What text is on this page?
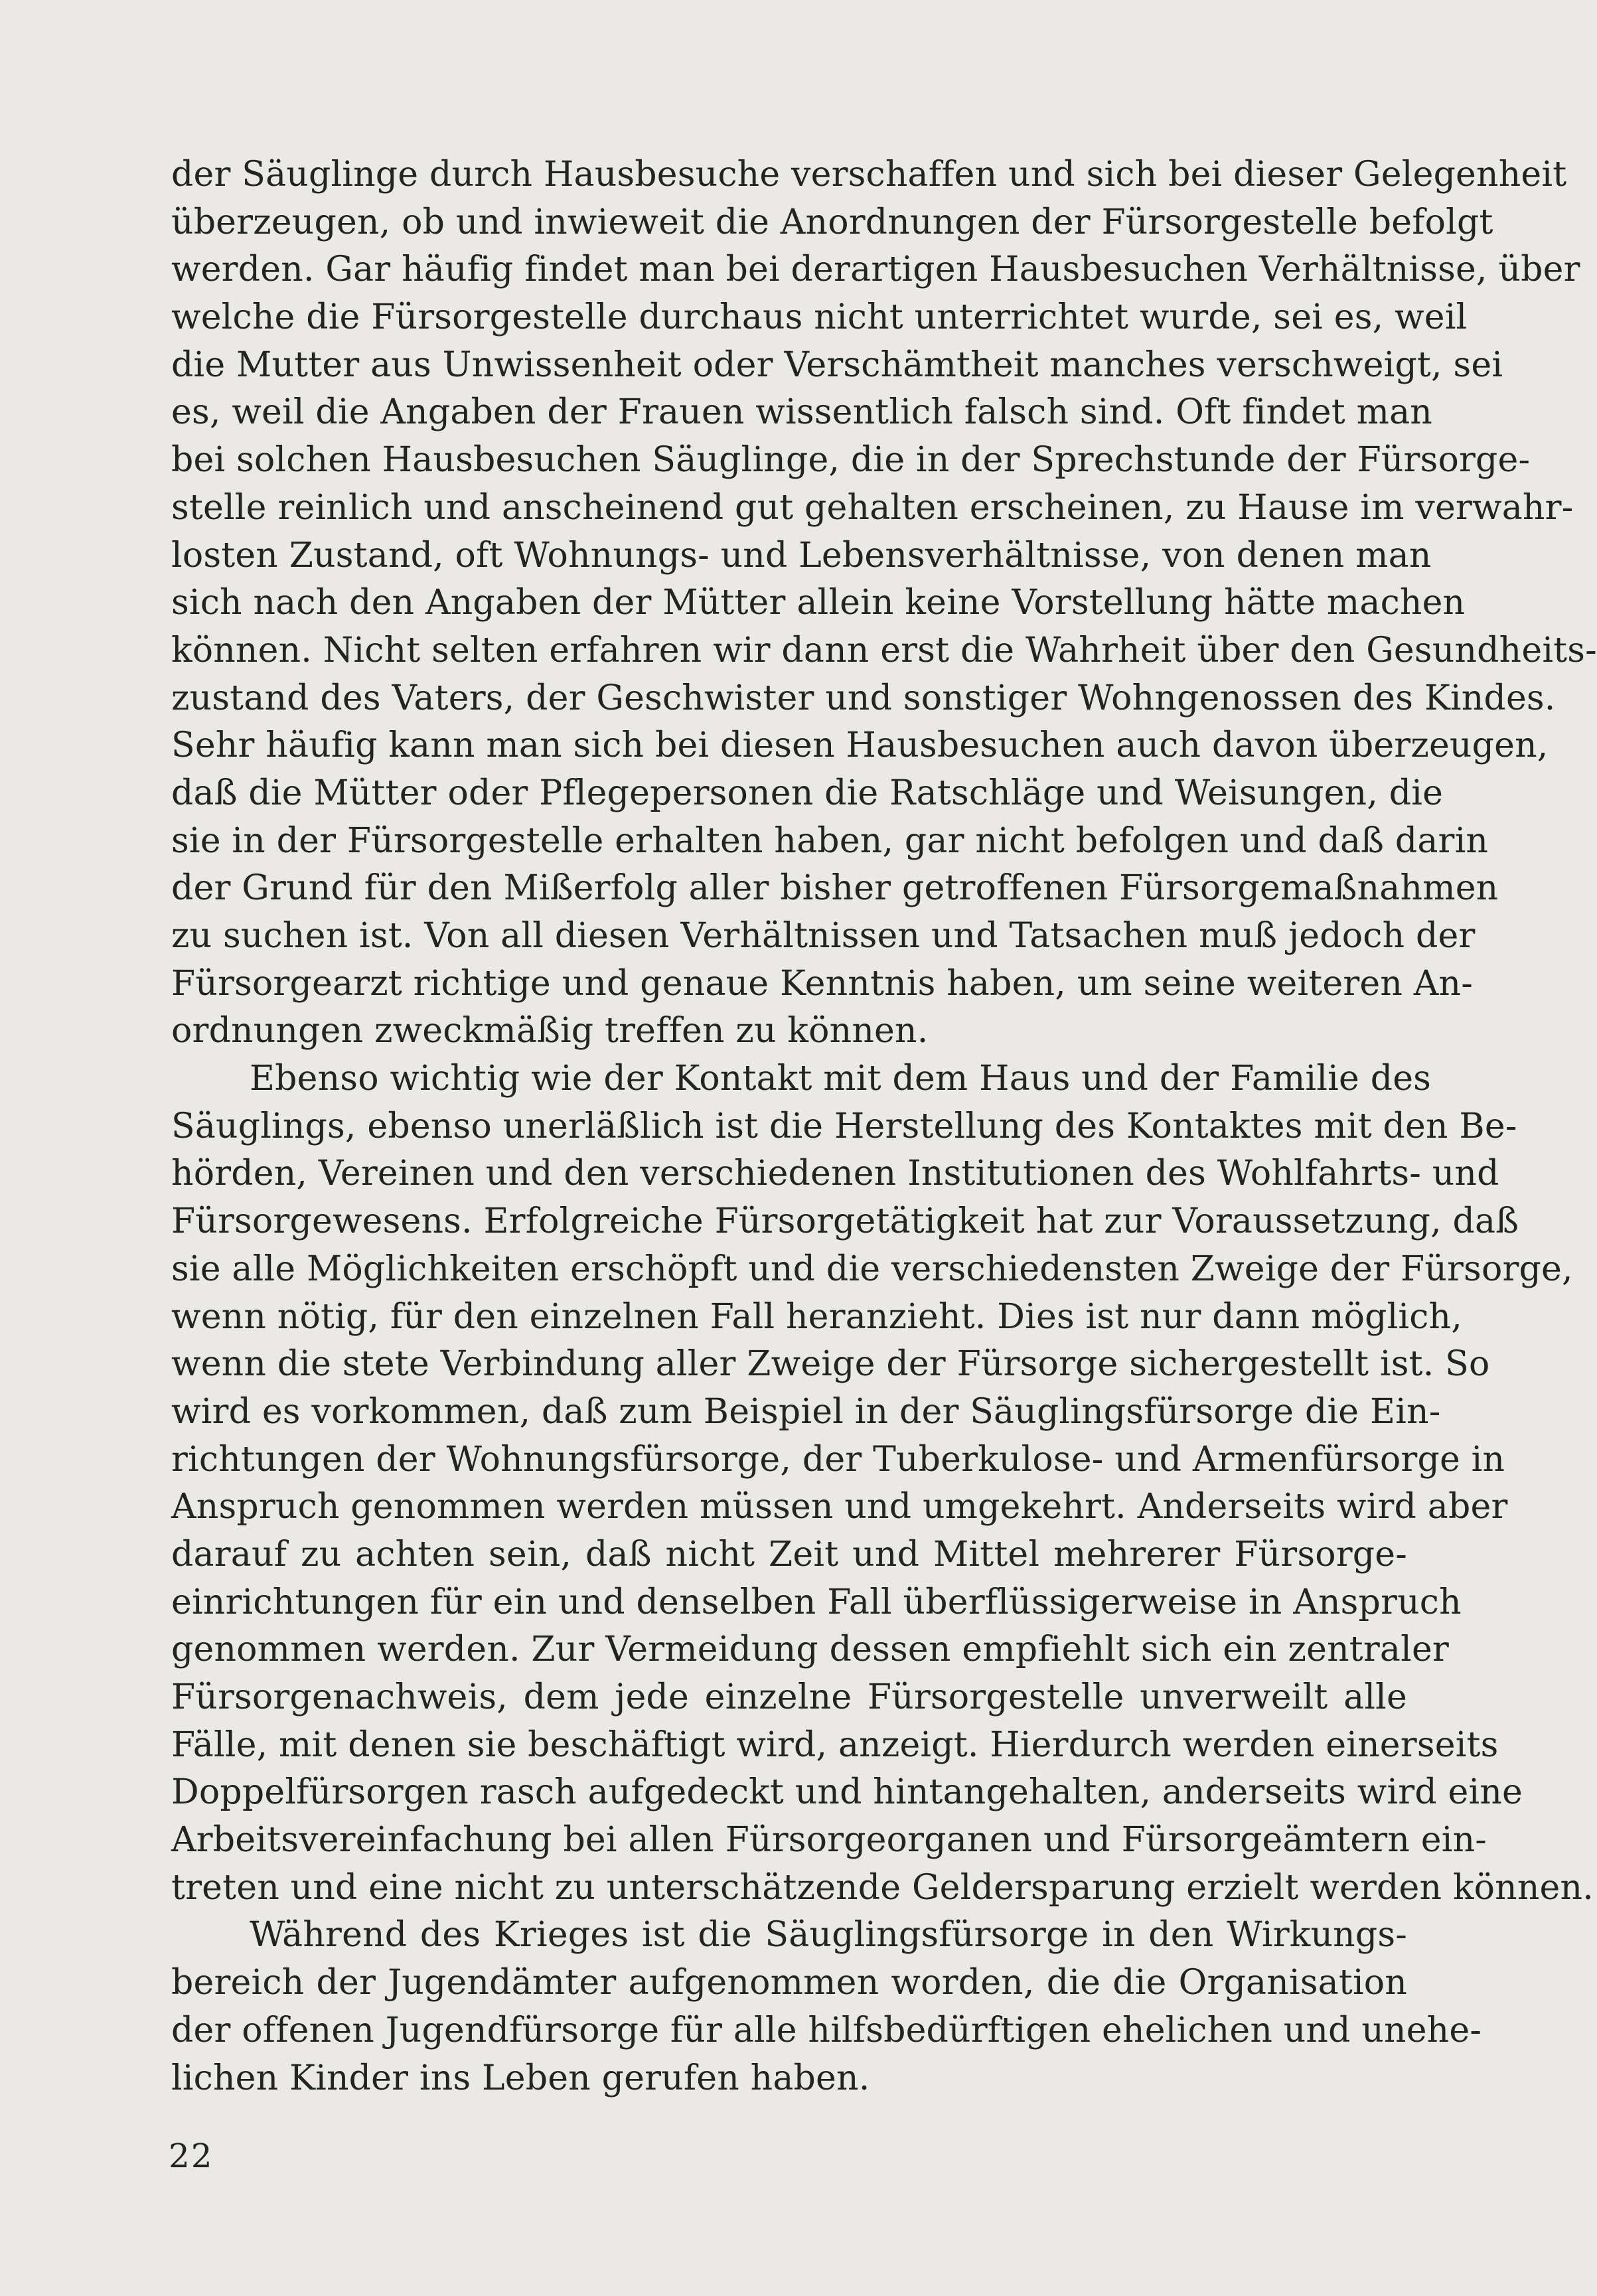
der Säuglinge durch Hausbesuche verschaffen und sich bei dieser Gelegenheit
überzeugen, ob und inwieweit die Anordnungen der Fürsorgestelle befolgt
werden. Gar häufig findet man bei derartigen Hausbesuchen Verhältnisse, über
welche die Fürsorgestelle durchaus nicht unterrichtet wurde, sei es, weil
die Mutter aus Unwissenheit oder Verschämtheit manches verschweigt, sei
es, weil die Angaben der Frauen wissentlich falsch sind. Oft findet man
bei solchen Hausbesuchen Säuglinge, die in der Sprechstunde der Fürsorge-
stelle reinlich und anscheinend gut gehalten erscheinen, zu Hause im verwahr-
losten Zustand, oft Wohnungs- und Lebensverhältnisse, von denen man
sich nach den Angaben der Mütter allein keine Vorstellung hätte machen
können. Nicht selten erfahren wir dann erst die Wahrheit über den Gesundheits-
zustand des Vaters, der Geschwister und sonstiger Wohngenossen des Kindes.
Sehr häufig kann man sich bei diesen Hausbesuchen auch davon überzeugen,
daß die Mütter oder Pflegepersonen die Ratschläge und Weisungen, die
sie in der Fürsorgestelle erhalten haben, gar nicht befolgen und daß darin
der Grund für den Mißerfolg aller bisher getroffenen Fürsorgemaßnahmen
zu suchen ist. Von all diesen Verhältnissen und Tatsachen muß jedoch der
Fürsorgearzt richtige und genaue Kenntnis haben, um seine weiteren An-
ordnungen zweckmäßig treffen zu können.
Ebenso wichtig wie der Kontakt mit dem Haus und der Familie des
Säuglings, ebenso unerläßlich ist die Herstellung des Kontaktes mit den Be-
hörden, Vereinen und den verschiedenen Institutionen des Wohlfahrts- und
Fürsorgewesens. Erfolgreiche Fürsorgetätigkeit hat zur Voraussetzung, daß
sie alle Möglichkeiten erschöpft und die verschiedensten Zweige der Fürsorge,
wenn nötig, für den einzelnen Fall heranzieht. Dies ist nur dann möglich,
wenn die stete Verbindung aller Zweige der Fürsorge sichergestellt ist. So
wird es vorkommen, daß zum Beispiel in der Säuglingsfürsorge die Ein-
richtungen der Wohnungsfürsorge, der Tuberkulose- und Armenfürsorge in
Anspruch genommen werden müssen und umgekehrt. Anderseits wird aber
darauf zu achten sein, daß nicht Zeit und Mittel mehrerer Fürsorge-
einrichtungen für ein und denselben Fall überflüssigerweise in Anspruch
genommen werden. Zur Vermeidung dessen empfiehlt sich ein zentraler
Fürsorgenachweis, dem jede einzelne Fürsorgestelle unverweilt alle
Fälle, mit denen sie beschäftigt wird, anzeigt. Hierdurch werden einerseits
Doppelfürsorgen rasch aufgedeckt und hintangehalten, anderseits wird eine
Arbeitsvereinfachung bei allen Fürsorgeorganen und Fürsorgeämtern ein-
treten und eine nicht zu unterschätzende Geldersparung erzielt werden können.
Während des Krieges ist die Säuglingsfürsorge in den Wirkungs-
bereich der Jugendämter aufgenommen worden, die die Organisation
der offenen Jugendfürsorge für alle hilfsbedürftigen ehelichen und unehe-
lichen Kinder ins Leben gerufen haben.
22
